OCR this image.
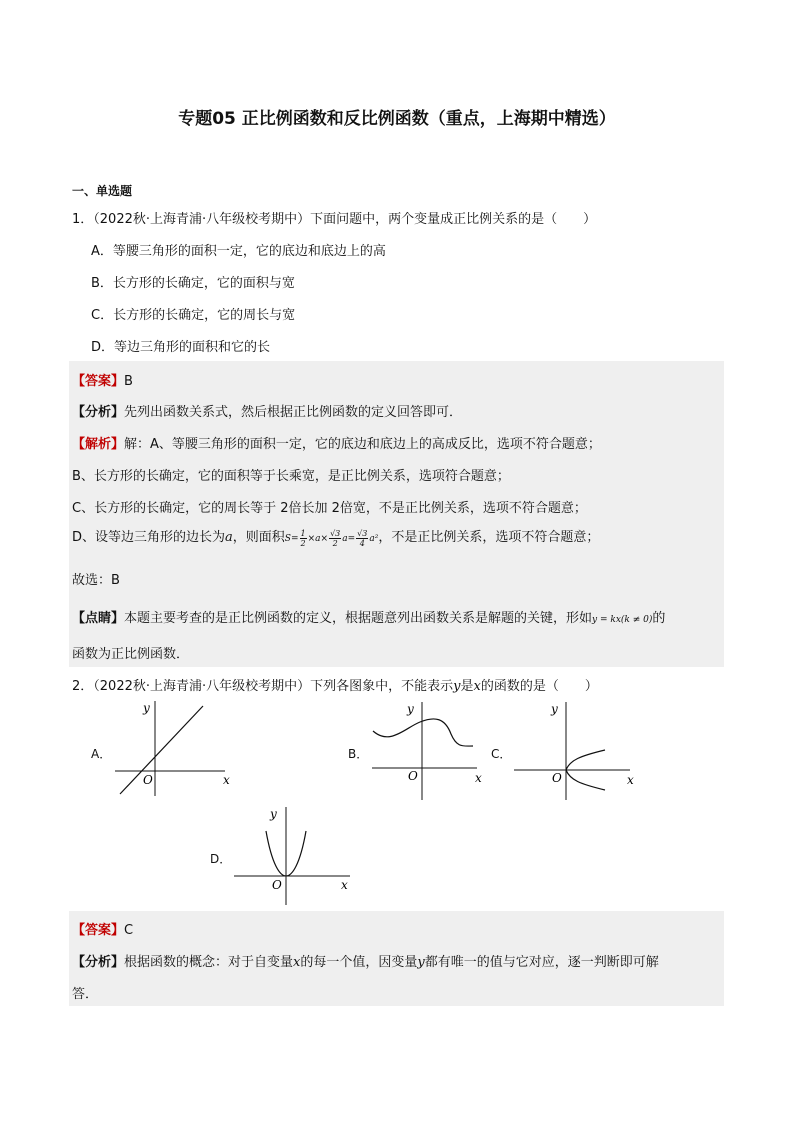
专题05 正比例函数和反比例函数（重点，上海期中精选）
一、单选题
1．（2022秋·上海青浦·八年级校考期中）下面问题中，两个变量成正比例关系的是（　　）
A．等腰三角形的面积一定，它的底边和底边上的高
B．长方形的长确定，它的面积与宽
C．长方形的长确定，它的周长与宽
D．等边三角形的面积和它的长
【答案】B
【分析】先列出函数关系式，然后根据正比例函数的定义回答即可．
【解析】解：A、等腰三角形的面积一定，它的底边和底边上的高成反比，选项不符合题意；
B、长方形的长确定，它的面积等于长乘宽，是正比例关系，选项符合题意；
C、长方形的长确定，它的周长等于 2倍长加 2倍宽，不是正比例关系，选项不符合题意；
D、设等边三角形的边长为a，则面积$S= \frac{1}{2} \times a\times \frac{√3}{2} a= \frac{√3}{4} a^2$，不是正比例关系，选项不符合题意；
故选：B
【点睛】本题主要考查的是正比例函数的定义，根据题意列出函数关系是解题的关键，形如y = kx(k ≠ 0)的
函数为正比例函数．
2．（2022秋·上海青浦·八年级校考期中）下列各图象中，不能表示y是x的函数的是（　　）
A．
x
y
O
B．
x
y
O
C．
x
y
O
D．
x
y
O
【答案】C
【分析】根据函数的概念：对于自变量x的每一个值，因变量y都有唯一的值与它对应，逐一判断即可解
答．
